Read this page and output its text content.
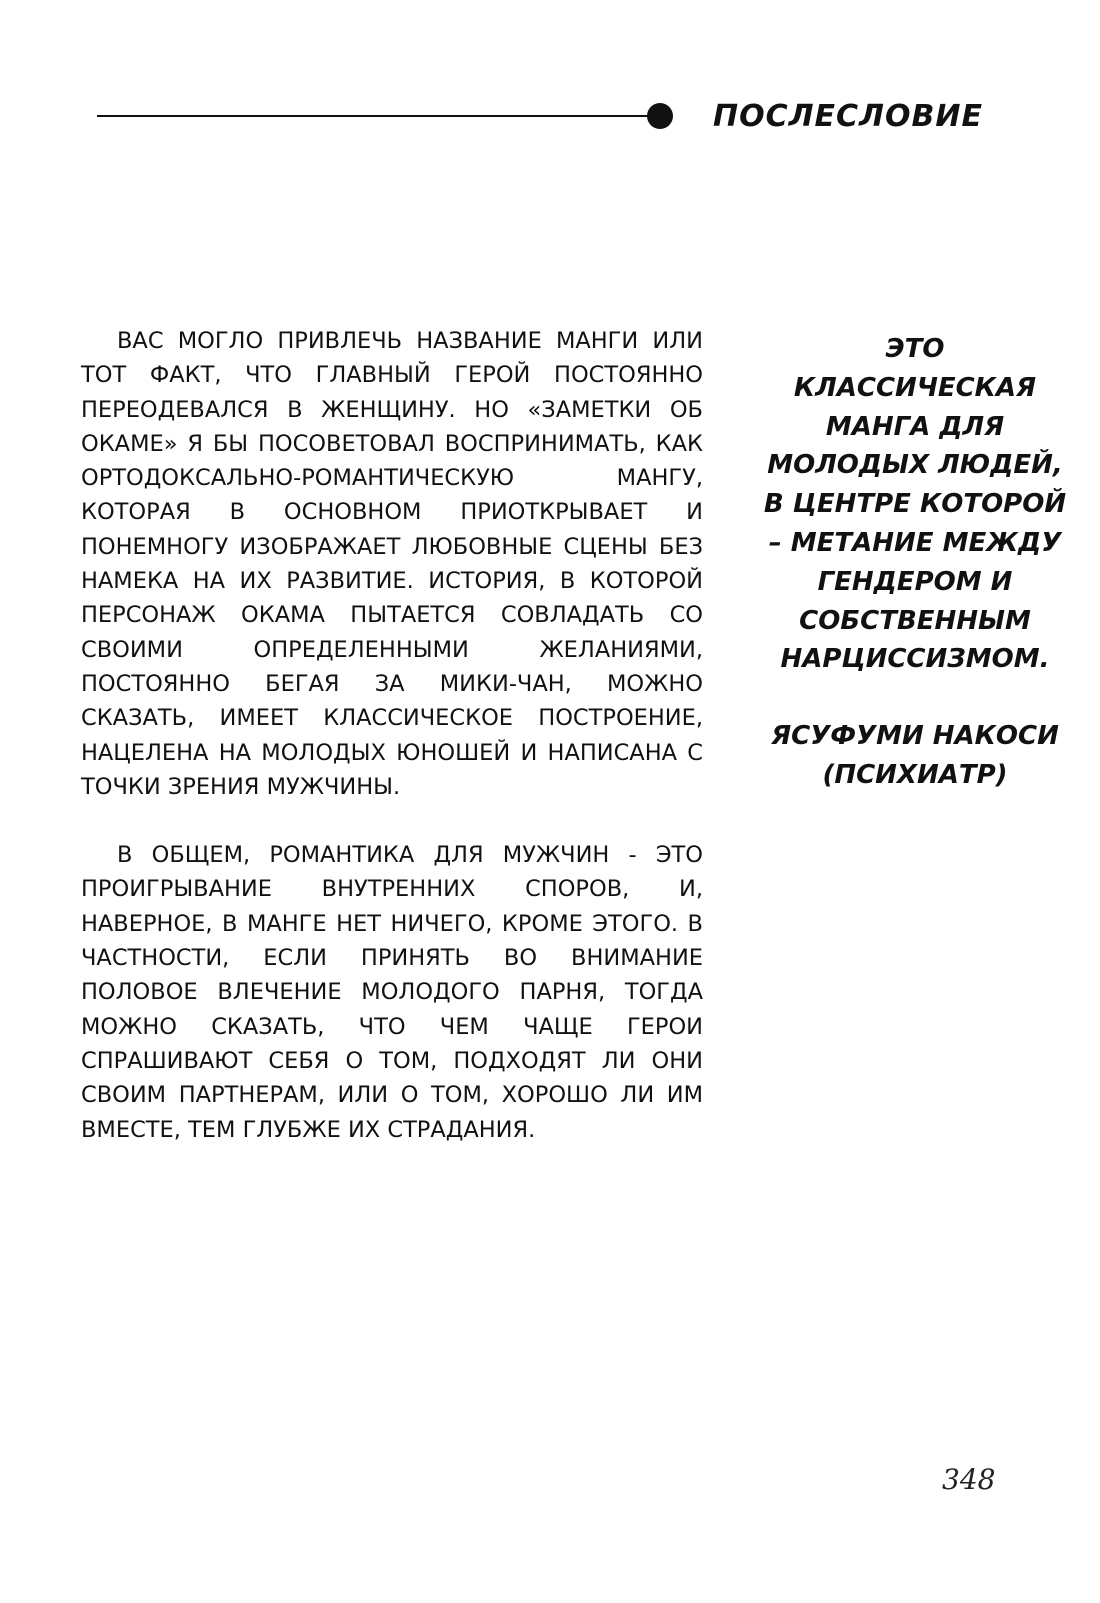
ПОСЛЕСЛОВИЕ

ВАС МОГЛО ПРИВЛЕЧЬ НАЗВАНИЕ МАНГИ ИЛИ ТОТ ФАКТ, ЧТО ГЛАВНЫЙ ГЕРОЙ ПОСТОЯННО ПЕРЕОДЕВАЛСЯ В ЖЕНЩИНУ. НО «ЗАМЕТКИ ОБ ОКАМЕ» Я БЫ ПОСОВЕТОВАЛ ВОСПРИНИМАТЬ, КАК ОРТОДОКСАЛЬНО-РОМАНТИЧЕСКУЮ МАНГУ, КОТОРАЯ В ОСНОВНОМ ПРИОТКРЫВАЕТ И ПОНЕМНОГУ ИЗОБРАЖАЕТ ЛЮБОВНЫЕ СЦЕНЫ БЕЗ НАМЕКА НА ИХ РАЗВИТИЕ. ИСТОРИЯ, В КОТОРОЙ ПЕРСОНАЖ ОКАМА ПЫТАЕТСЯ СОВЛАДАТЬ СО СВОИМИ ОПРЕДЕЛЕННЫМИ ЖЕЛАНИЯМИ, ПОСТОЯННО БЕГАЯ ЗА МИКИ-ЧАН, МОЖНО СКАЗАТЬ, ИМЕЕТ КЛАССИЧЕСКОЕ ПОСТРОЕНИЕ, НАЦЕЛЕНА НА МОЛОДЫХ ЮНОШЕЙ И НАПИСАНА С ТОЧКИ ЗРЕНИЯ МУЖЧИНЫ.

В ОБЩЕМ, РОМАНТИКА ДЛЯ МУЖЧИН - ЭТО ПРОИГРЫВАНИЕ ВНУТРЕННИХ СПОРОВ, И, НАВЕРНОЕ, В МАНГЕ НЕТ НИЧЕГО, КРОМЕ ЭТОГО. В ЧАСТНОСТИ, ЕСЛИ ПРИНЯТЬ ВО ВНИМАНИЕ ПОЛОВОЕ ВЛЕЧЕНИЕ МОЛОДОГО ПАРНЯ, ТОГДА МОЖНО СКАЗАТЬ, ЧТО ЧЕМ ЧАЩЕ ГЕРОИ СПРАШИВАЮТ СЕБЯ О ТОМ, ПОДХОДЯТ ЛИ ОНИ СВОИМ ПАРТНЕРАМ, ИЛИ О ТОМ, ХОРОШО ЛИ ИМ ВМЕСТЕ, ТЕМ ГЛУБЖЕ ИХ СТРАДАНИЯ.

ЭТО КЛАССИЧЕСКАЯ МАНГА ДЛЯ МОЛОДЫХ ЛЮДЕЙ, В ЦЕНТРЕ КОТОРОЙ – МЕТАНИЕ МЕЖДУ ГЕНДЕРОМ И СОБСТВЕННЫМ НАРЦИССИЗМОМ.

ЯСУФУМИ НАКОСИ (ПСИХИАТР)

348
